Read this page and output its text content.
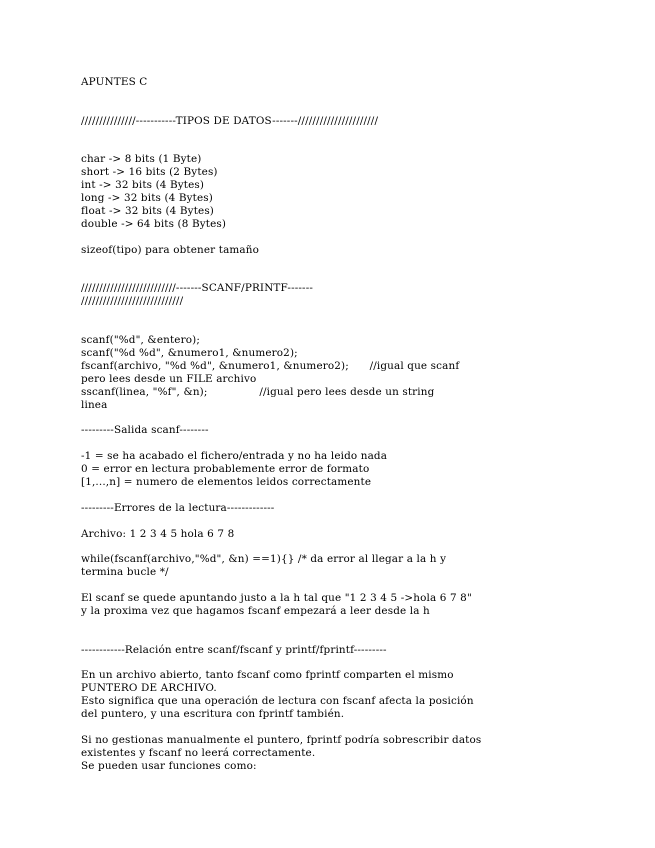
APUNTES C
///////////////-----------TIPOS DE DATOS-------//////////////////////
char -> 8 bits (1 Byte)
short -> 16 bits (2 Bytes)
int -> 32 bits (4 Bytes)
long -> 32 bits (4 Bytes)
float -> 32 bits (4 Bytes)
double -> 64 bits (8 Bytes)
sizeof(tipo) para obtener tamaño
//////////////////////////-------SCANF/PRINTF-------
////////////////////////////
scanf("%d", &entero);
scanf("%d %d", &numero1, &numero2);
fscanf(archivo, "%d %d", &numero1, &numero2);      //igual que scanf
pero lees desde un FILE archivo
sscanf(linea, "%f", &n);               //igual pero lees desde un string
linea
---------Salida scanf--------
-1 = se ha acabado el fichero/entrada y no ha leido nada
0 = error en lectura probablemente error de formato
[1,...,n] = numero de elementos leidos correctamente
---------Errores de la lectura-------------
Archivo: 1 2 3 4 5 hola 6 7 8
while(fscanf(archivo,"%d", &n) ==1){} /* da error al llegar a la h y
termina bucle */
El scanf se quede apuntando justo a la h tal que "1 2 3 4 5 ->hola 6 7 8"
y la proxima vez que hagamos fscanf empezará a leer desde la h
------------Relación entre scanf/fscanf y printf/fprintf---------
En un archivo abierto, tanto fscanf como fprintf comparten el mismo
PUNTERO DE ARCHIVO.
Esto significa que una operación de lectura con fscanf afecta la posición
del puntero, y una escritura con fprintf también.
Si no gestionas manualmente el puntero, fprintf podría sobrescribir datos
existentes y fscanf no leerá correctamente.
Se pueden usar funciones como:
